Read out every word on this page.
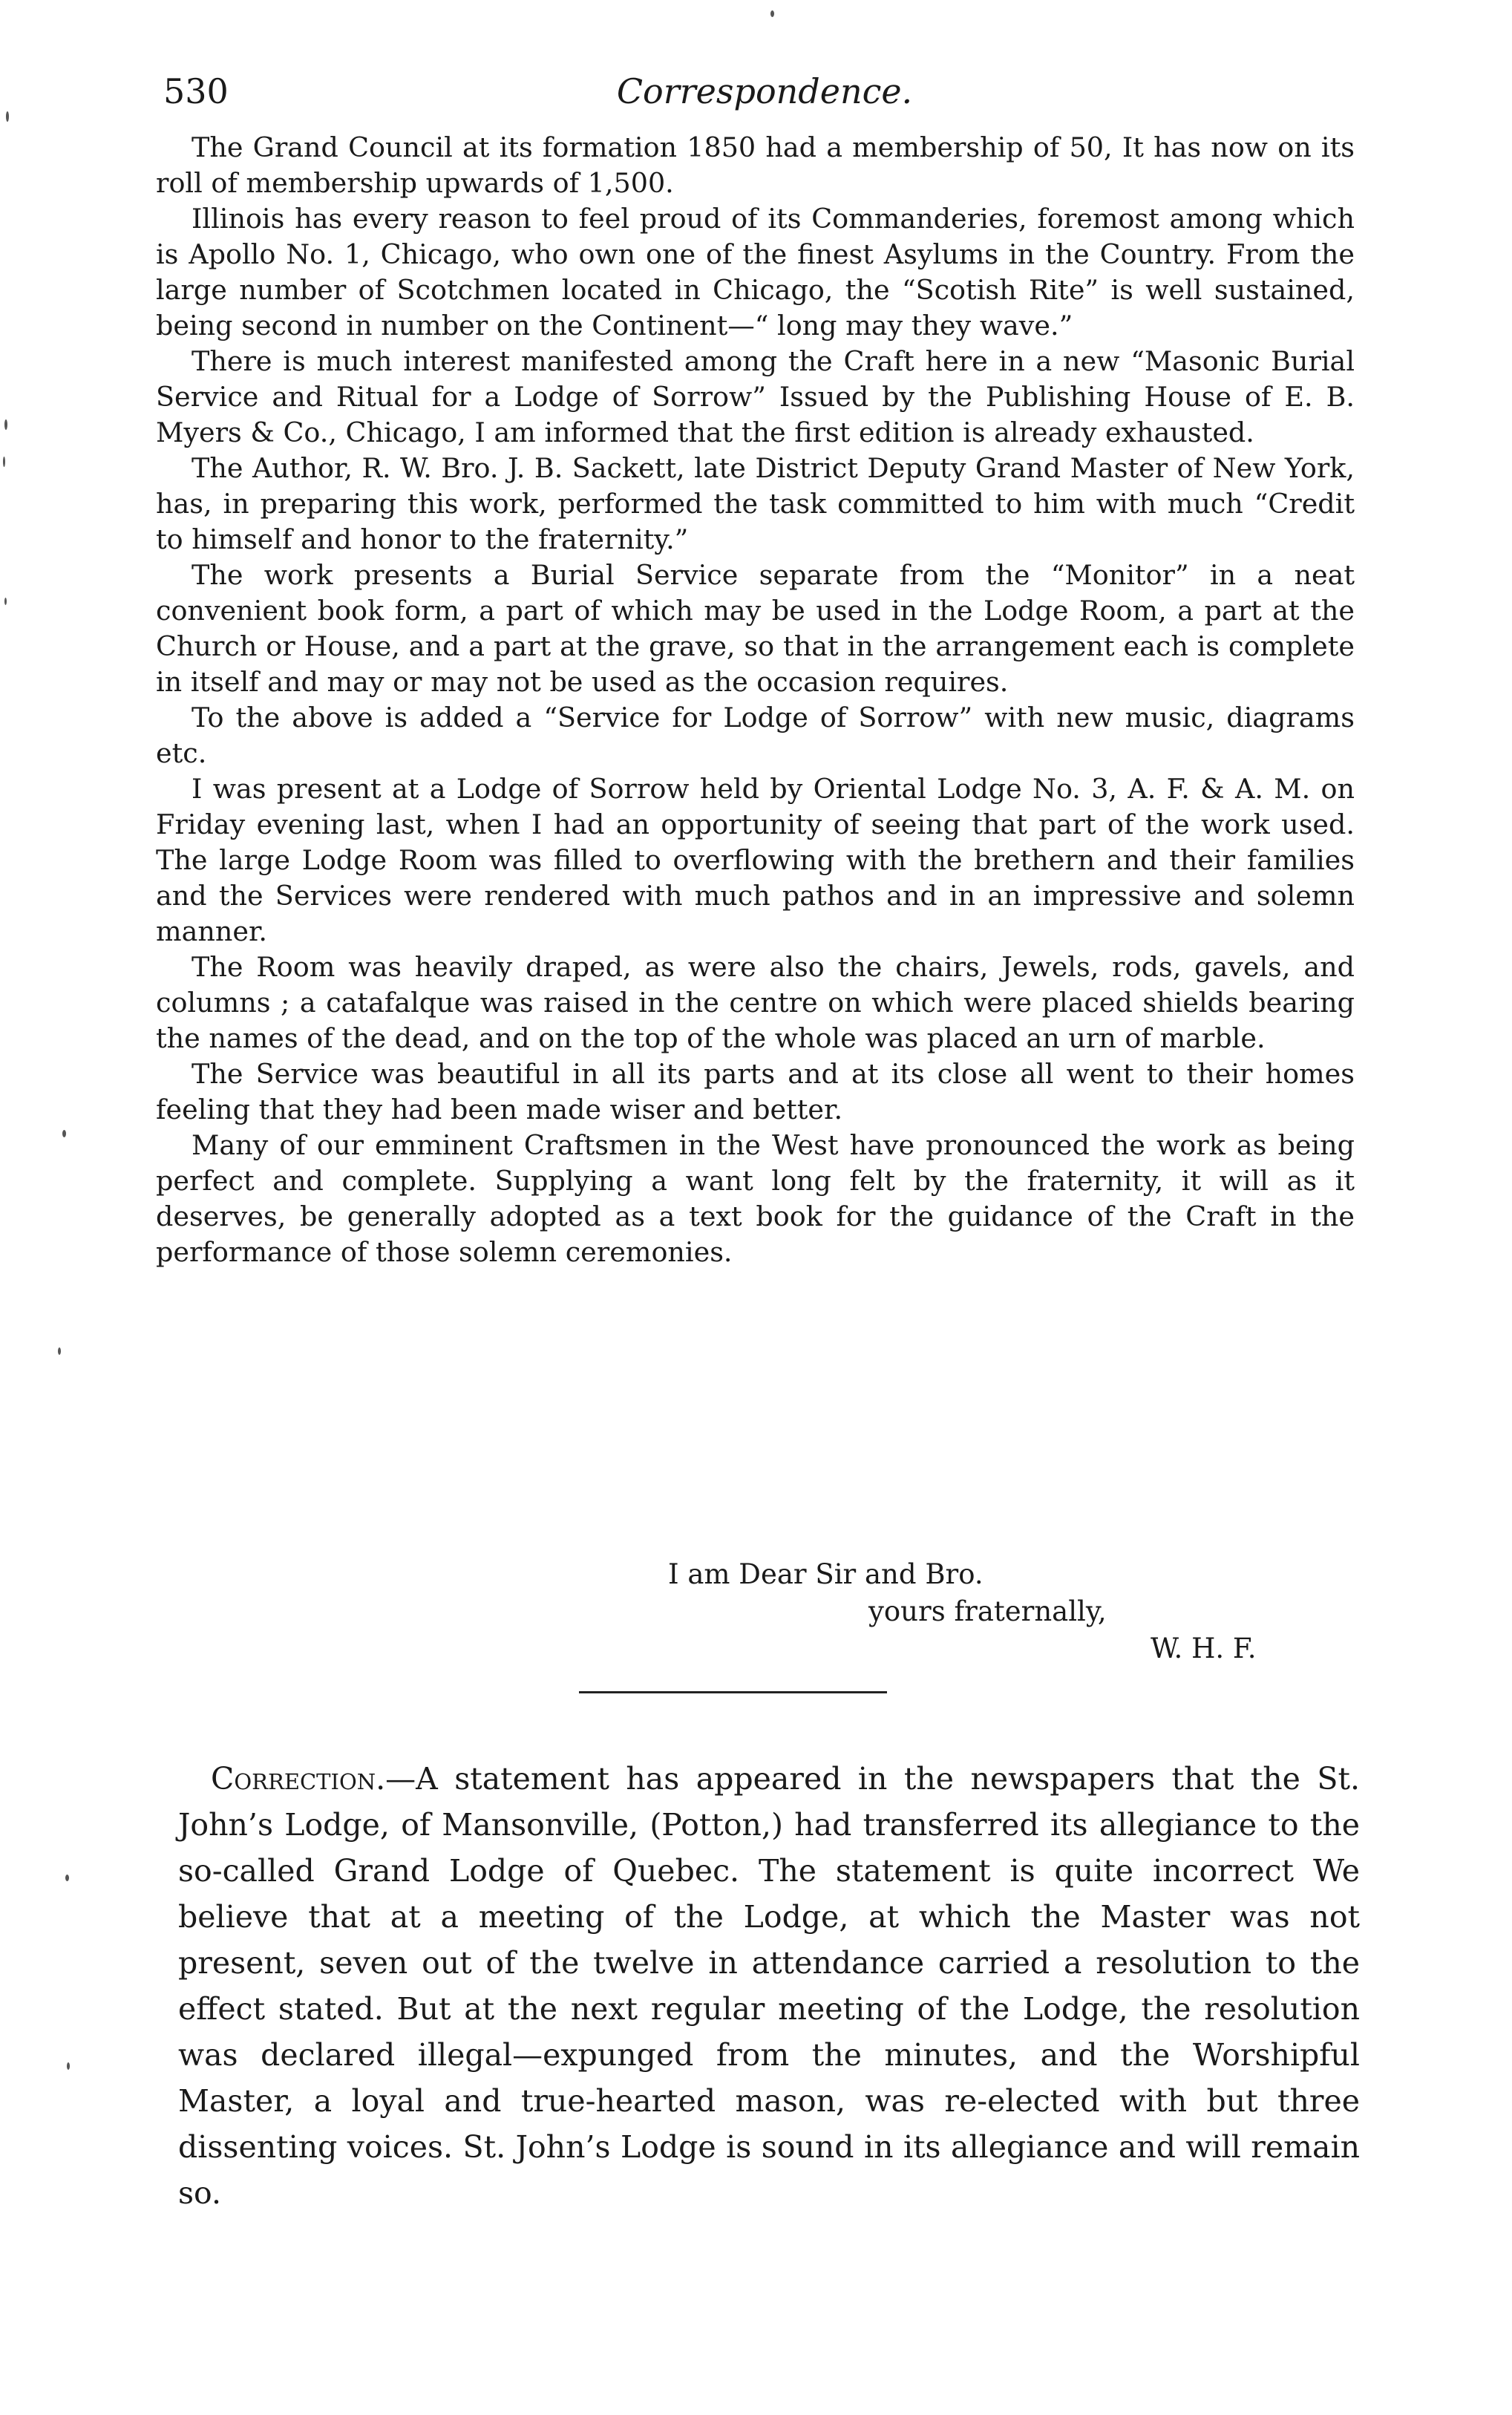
Correspondence.
530

The Grand Council at its formation 1850 had a membership of 50, It has now on its roll of membership upwards of 1,500.

Illinois has every reason to feel proud of its Commanderies, foremost among which is Apollo No. 1, Chicago, who own one of the finest Asylums in the Country. From the large number of Scotchmen located in Chicago, the “Scotish Rite” is well sustained, being second in number on the Continent—“ long may they wave.”

There is much interest manifested among the Craft here in a new “Masonic Burial Service and Ritual for a Lodge of Sorrow” Issued by the Publishing House of E. B. Myers & Co., Chicago, I am informed that the first edition is already exhausted.

The Author, R. W. Bro. J. B. Sackett, late District Deputy Grand Master of New York, has, in preparing this work, performed the task committed to him with much “Credit to himself and honor to the fraternity.”

The work presents a Burial Service separate from the “Monitor” in a neat convenient book form, a part of which may be used in the Lodge Room, a part at the Church or House, and a part at the grave, so that in the arrangement each is complete in itself and may or may not be used as the occasion requires.

To the above is added a “Service for Lodge of Sorrow” with new music, diagrams etc.

I was present at a Lodge of Sorrow held by Oriental Lodge No. 3, A. F. & A. M. on Friday evening last, when I had an opportunity of seeing that part of the work used. The large Lodge Room was filled to overflowing with the brethern and their families and the Services were rendered with much pathos and in an impressive and solemn manner.

The Room was heavily draped, as were also the chairs, Jewels, rods, gavels, and columns ; a catafalque was raised in the centre on which were placed shields bearing the names of the dead, and on the top of the whole was placed an urn of marble.

The Service was beautiful in all its parts and at its close all went to their homes feeling that they had been made wiser and better.

Many of our emminent Craftsmen in the West have pronounced the work as being perfect and complete. Supplying a want long felt by the fraternity, it will as it deserves, be generally adopted as a text book for the guidance of the Craft in the performance of those solemn ceremonies.

I am Dear Sir and Bro.
yours fraternally,
W. H. F.
Correction.—A statement has appeared in the newspapers that the St. John’s Lodge, of Mansonville, (Potton,) had transferred its allegiance to the so-called Grand Lodge of Quebec. The statement is quite incorrect We believe that at a meeting of the Lodge, at which the Master was not present, seven out of the twelve in attendance carried a resolution to the effect stated. But at the next regular meeting of the Lodge, the resolution was declared illegal—expunged from the minutes, and the Worshipful Master, a loyal and true-hearted mason, was re-elected with but three dissenting voices. St. John’s Lodge is sound in its allegiance and will remain so.
